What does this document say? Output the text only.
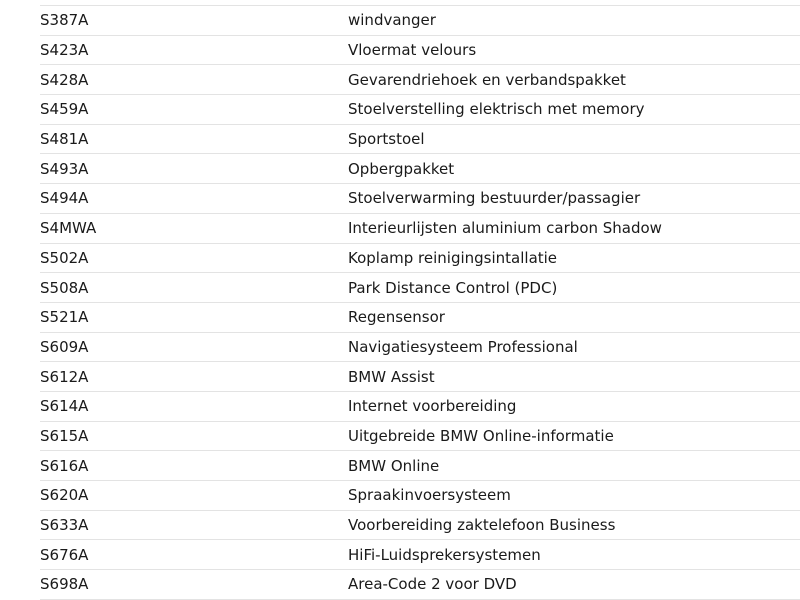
S387A	windvanger
S423A	Vloermat velours
S428A	Gevarendriehoek en verbandspakket
S459A	Stoelverstelling elektrisch met memory
S481A	Sportstoel
S493A	Opbergpakket
S494A	Stoelverwarming bestuurder/passagier
S4MWA	Interieurlijsten aluminium carbon Shadow
S502A	Koplamp reinigingsintallatie
S508A	Park Distance Control (PDC)
S521A	Regensensor
S609A	Navigatiesysteem Professional
S612A	BMW Assist
S614A	Internet voorbereiding
S615A	Uitgebreide BMW Online-informatie
S616A	BMW Online
S620A	Spraakinvoersysteem
S633A	Voorbereiding zaktelefoon Business
S676A	HiFi-Luidsprekersystemen
S698A	Area-Code 2 voor DVD
